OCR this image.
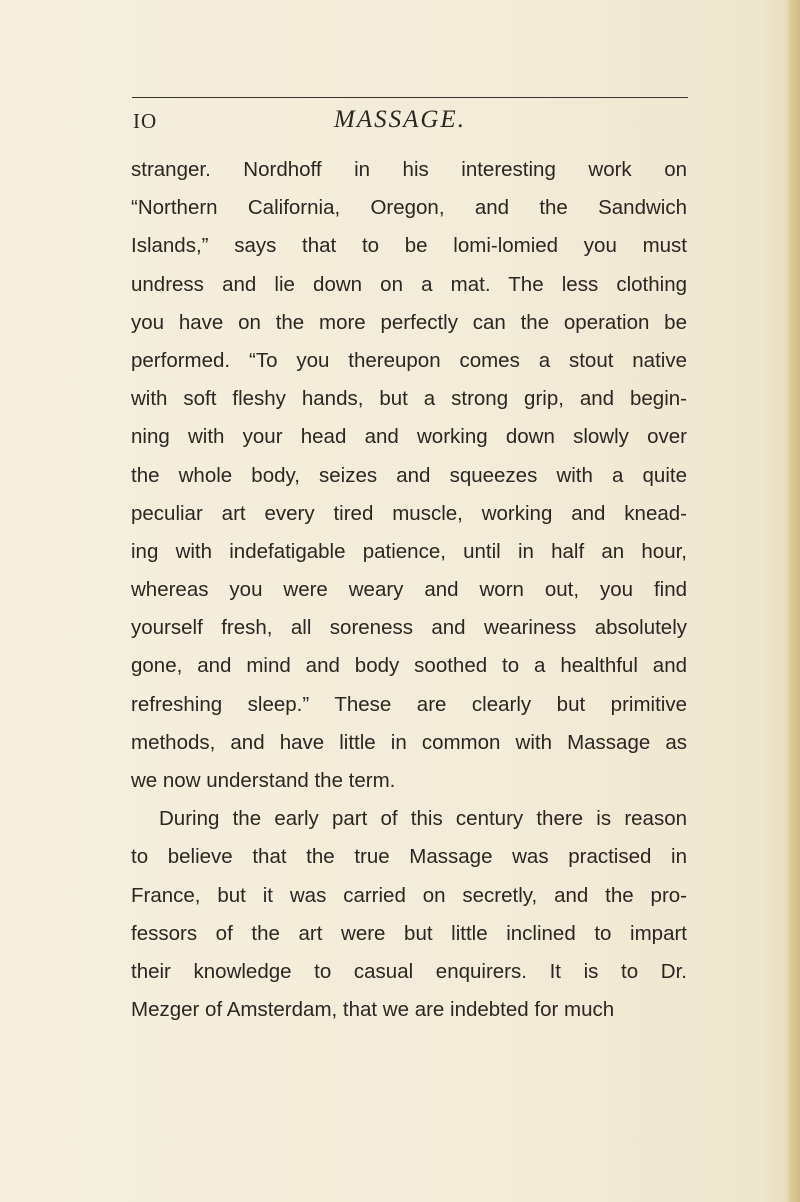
IO	MASSAGE.
stranger. Nordhoff in his interesting work on
“Northern California, Oregon, and the Sandwich
Islands,” says that to be lomi-lomied you must
undress and lie down on a mat. The less clothing
you have on the more perfectly can the operation be
performed. “To you thereupon comes a stout native
with soft fleshy hands, but a strong grip, and begin-
ning with your head and working down slowly over
the whole body, seizes and squeezes with a quite
peculiar art every tired muscle, working and knead-
ing with indefatigable patience, until in half an hour,
whereas you were weary and worn out, you find
yourself fresh, all soreness and weariness absolutely
gone, and mind and body soothed to a healthful and
refreshing sleep.” These are clearly but primitive
methods, and have little in common with Massage as
we now understand the term.
During the early part of this century there is reason
to believe that the true Massage was practised in
France, but it was carried on secretly, and the pro-
fessors of the art were but little inclined to impart
their knowledge to casual enquirers. It is to Dr.
Mezger of Amsterdam, that we are indebted for much
